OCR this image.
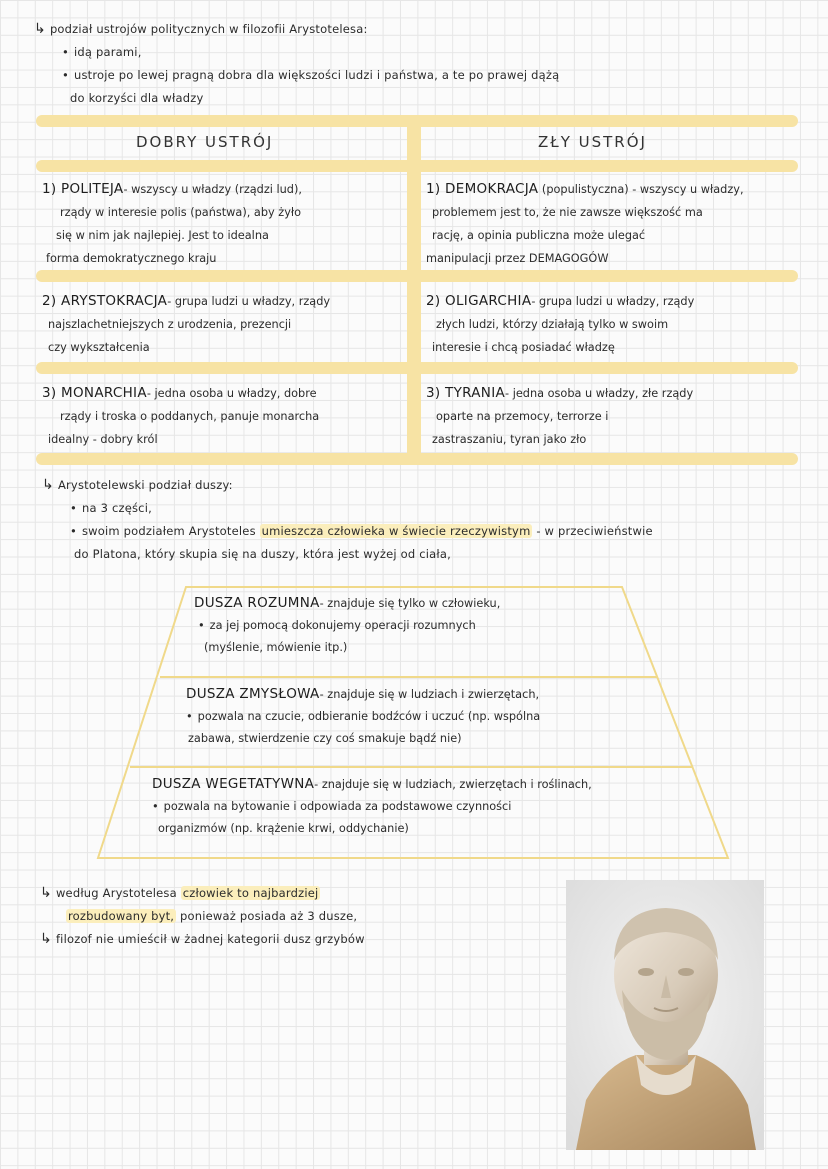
↳ podział ustrojów politycznych w filozofii Arystotelesa:
• idą parami,
• ustroje po lewej pragną dobra dla większości ludzi i państwa, a te po prawej dążą
do korzyści dla władzy
DOBRY USTRÓJ	ZŁY USTRÓJ
1) POLITEJA- wszyscy u władzy (rządzi lud),
rządy w interesie polis (państwa), aby żyło
się w nim jak najlepiej. Jest to idealna
forma demokratycznego kraju
1) DEMOKRACJA (populistyczna) - wszyscy u władzy,
problemem jest to, że nie zawsze większość ma
rację, a opinia publiczna może ulegać
manipulacji przez DEMAGOGÓW
2) ARYSTOKRACJA- grupa ludzi u władzy, rządy
najszlachetniejszych z urodzenia, prezencji
czy wykształcenia
2) OLIGARCHIA- grupa ludzi u władzy, rządy
złych ludzi, którzy działają tylko w swoim
interesie i chcą posiadać władzę
3) MONARCHIA- jedna osoba u władzy, dobre
rządy i troska o poddanych, panuje monarcha
idealny - dobry król
3) TYRANIA- jedna osoba u władzy, złe rządy
oparte na przemocy, terrorze i
zastraszaniu, tyran jako zło
↳ Arystotelewski podział duszy:
• na 3 części,
• swoim podziałem Arystoteles umieszcza człowieka w świecie rzeczywistym - w przeciwieństwie
do Platona, który skupia się na duszy, która jest wyżej od ciała,
DUSZA ROZUMNA- znajduje się tylko w człowieku,
• za jej pomocą dokonujemy operacji rozumnych
(myślenie, mówienie itp.)
DUSZA ZMYSŁOWA- znajduje się w ludziach i zwierzętach,
• pozwala na czucie, odbieranie bodźców i uczuć (np. wspólna
zabawa, stwierdzenie czy coś smakuje bądź nie)
DUSZA WEGETATYWNA- znajduje się w ludziach, zwierzętach i roślinach,
• pozwala na bytowanie i odpowiada za podstawowe czynności
organizmów (np. krążenie krwi, oddychanie)
↳ według Arystotelesa człowiek to najbardziej
rozbudowany byt, ponieważ posiada aż 3 dusze,
↳ filozof nie umieścił w żadnej kategorii dusz grzybów
